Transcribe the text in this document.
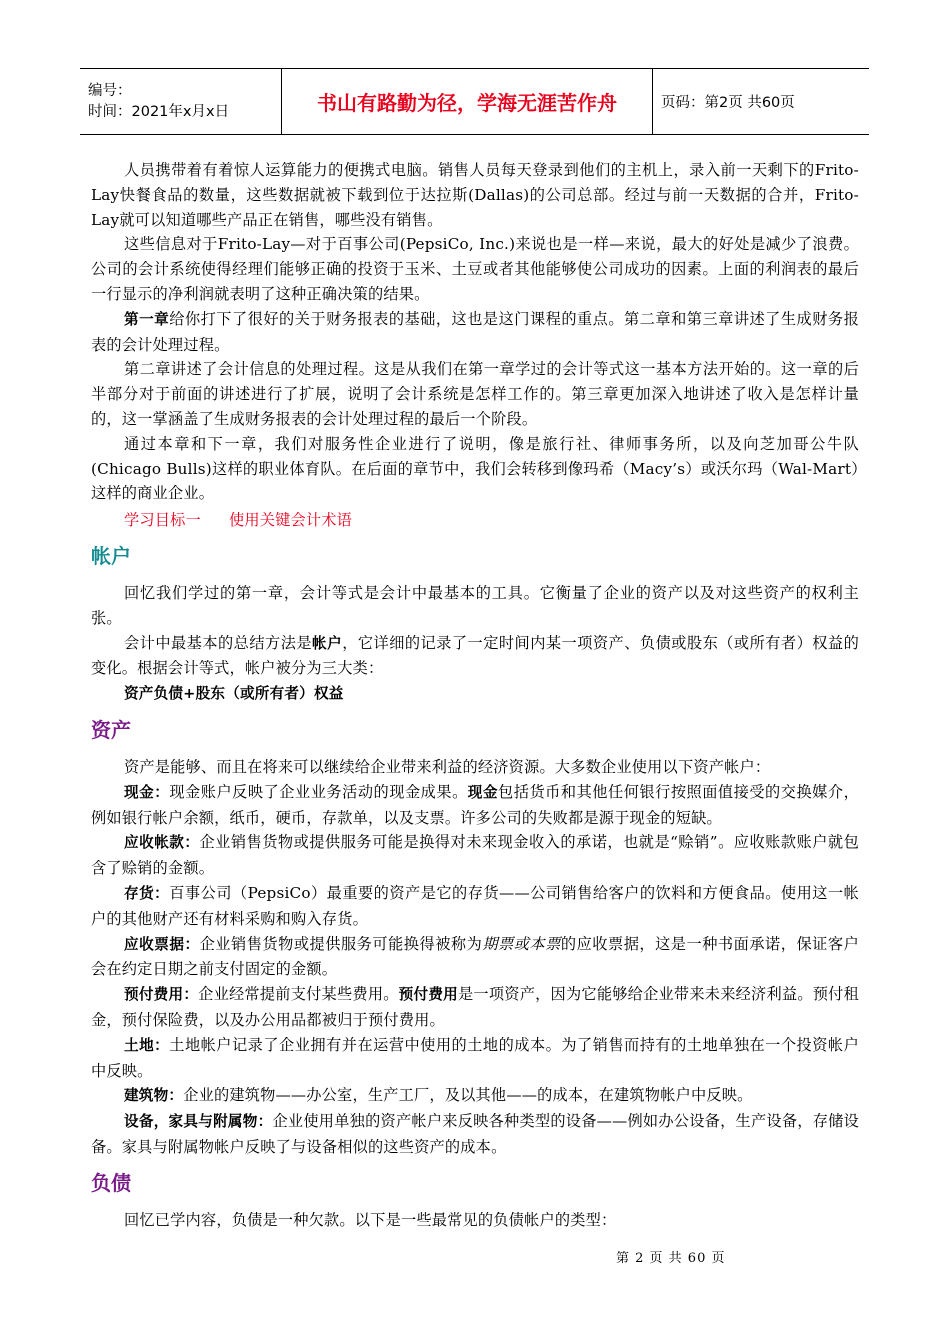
编号：
时间：2021年x月x日	书山有路勤为径，学海无涯苦作舟	页码：第2页 共60页

人员携带着有着惊人运算能力的便携式电脑。销售人员每天登录到他们的主机上，录入前一天剩下的Frito-Lay快餐食品的数量，这些数据就被下载到位于达拉斯(Dallas)的公司总部。经过与前一天数据的合并，Frito-Lay就可以知道哪些产品正在销售，哪些没有销售。

这些信息对于Frito-Lay—对于百事公司(PepsiCo, Inc.)来说也是一样—来说，最大的好处是减少了浪费。公司的会计系统使得经理们能够正确的投资于玉米、土豆或者其他能够使公司成功的因素。上面的利润表的最后一行显示的净利润就表明了这种正确决策的结果。

第一章给你打下了很好的关于财务报表的基础，这也是这门课程的重点。第二章和第三章讲述了生成财务报表的会计处理过程。

第二章讲述了会计信息的处理过程。这是从我们在第一章学过的会计等式这一基本方法开始的。这一章的后半部分对于前面的讲述进行了扩展，说明了会计系统是怎样工作的。第三章更加深入地讲述了收入是怎样计量的，这一掌涵盖了生成财务报表的会计处理过程的最后一个阶段。

通过本章和下一章，我们对服务性企业进行了说明，像是旅行社、律师事务所，以及向芝加哥公牛队(Chicago Bulls)这样的职业体育队。在后面的章节中，我们会转移到像玛希（Macy’s）或沃尔玛（Wal-Mart）这样的商业企业。

学习目标一 使用关键会计术语

帐户

回忆我们学过的第一章，会计等式是会计中最基本的工具。它衡量了企业的资产以及对这些资产的权利主张。

会计中最基本的总结方法是帐户，它详细的记录了一定时间内某一项资产、负债或股东（或所有者）权益的变化。根据会计等式，帐户被分为三大类：

资产负债+股东（或所有者）权益

资产

资产是能够、而且在将来可以继续给企业带来利益的经济资源。大多数企业使用以下资产帐户：

现金：现金账户反映了企业业务活动的现金成果。现金包括货币和其他任何银行按照面值接受的交换媒介，例如银行帐户余额，纸币，硬币，存款单，以及支票。许多公司的失败都是源于现金的短缺。

应收帐款：企业销售货物或提供服务可能是换得对未来现金收入的承诺，也就是“赊销”。应收账款账户就包含了赊销的金额。

存货：百事公司（PepsiCo）最重要的资产是它的存货——公司销售给客户的饮料和方便食品。使用这一帐户的其他财产还有材料采购和购入存货。

应收票据：企业销售货物或提供服务可能换得被称为期票或本票的应收票据，这是一种书面承诺，保证客户会在约定日期之前支付固定的金额。

预付费用：企业经常提前支付某些费用。预付费用是一项资产，因为它能够给企业带来未来经济利益。预付租金，预付保险费，以及办公用品都被归于预付费用。

土地：土地帐户记录了企业拥有并在运营中使用的土地的成本。为了销售而持有的土地单独在一个投资帐户中反映。

建筑物：企业的建筑物——办公室，生产工厂，及以其他——的成本，在建筑物帐户中反映。

设备，家具与附属物：企业使用单独的资产帐户来反映各种类型的设备——例如办公设备，生产设备，存储设备。家具与附属物帐户反映了与设备相似的这些资产的成本。

负债

回忆已学内容，负债是一种欠款。以下是一些最常见的负债帐户的类型：

第 2 页 共 60 页
